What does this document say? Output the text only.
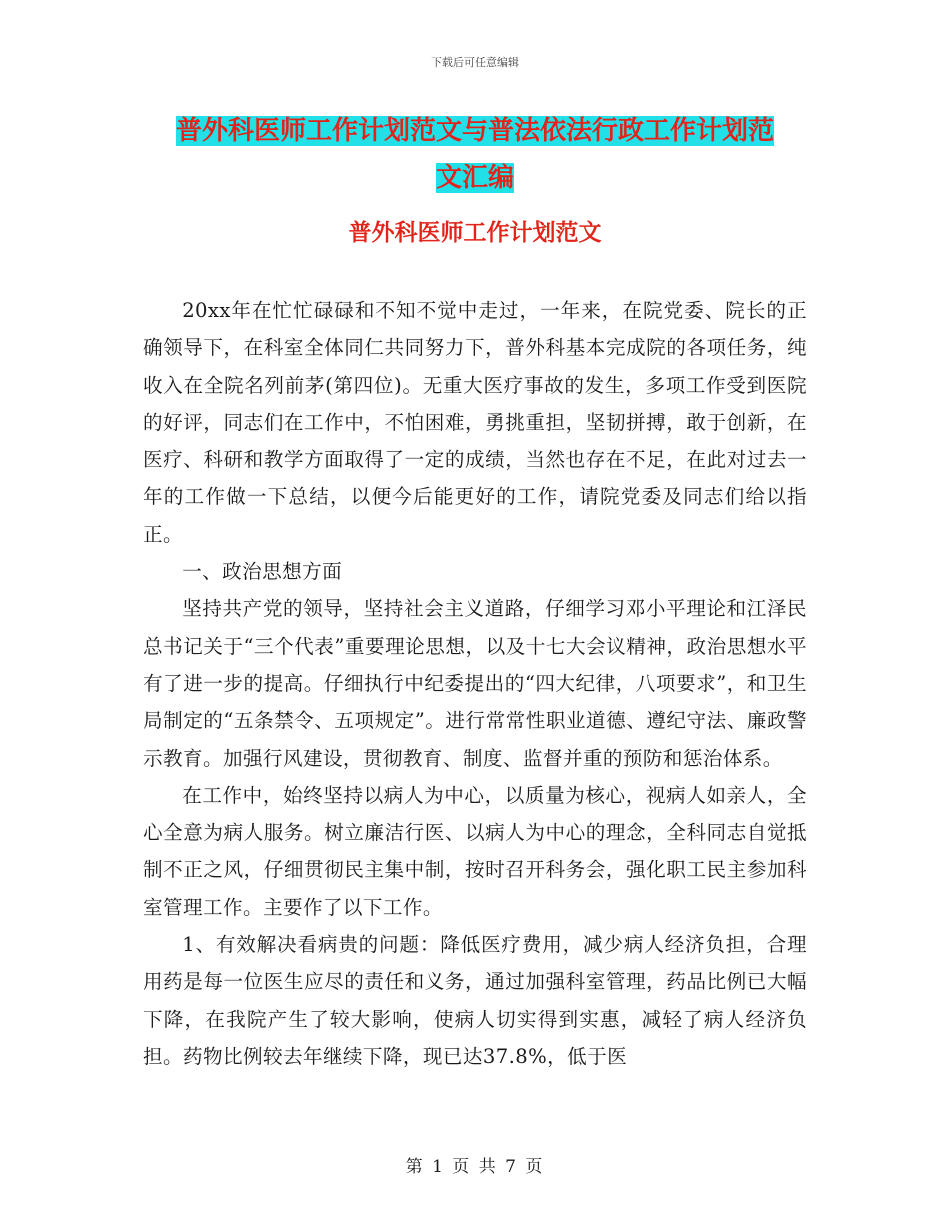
下载后可任意编辑
普外科医师工作计划范文与普法依法行政工作计划范
文汇编
普外科医师工作计划范文

20xx年在忙忙碌碌和不知不觉中走过，一年来，在院党委、院长的正确领导下，在科室全体同仁共同努力下，普外科基本完成院的各项任务，纯收入在全院名列前茅(第四位)。无重大医疗事故的发生，多项工作受到医院的好评，同志们在工作中，不怕困难，勇挑重担，坚韧拼搏，敢于创新，在医疗、科研和教学方面取得了一定的成绩，当然也存在不足，在此对过去一年的工作做一下总结，以便今后能更好的工作，请院党委及同志们给以指正。

一、政治思想方面

坚持共产党的领导，坚持社会主义道路，仔细学习邓小平理论和江泽民总书记关于“三个代表”重要理论思想，以及十七大会议精神，政治思想水平有了进一步的提高。仔细执行中纪委提出的“四大纪律，八项要求”，和卫生局制定的“五条禁令、五项规定”。进行常常性职业道德、遵纪守法、廉政警示教育。加强行风建设，贯彻教育、制度、监督并重的预防和惩治体系。

在工作中，始终坚持以病人为中心，以质量为核心，视病人如亲人，全心全意为病人服务。树立廉洁行医、以病人为中心的理念，全科同志自觉抵制不正之风，仔细贯彻民主集中制，按时召开科务会，强化职工民主参加科室管理工作。主要作了以下工作。

1、有效解决看病贵的问题：降低医疗费用，减少病人经济负担，合理用药是每一位医生应尽的责任和义务，通过加强科室管理，药品比例已大幅下降，在我院产生了较大影响，使病人切实得到实惠，减轻了病人经济负担。药物比例较去年继续下降，现已达37.8%，低于医

第 1 页 共 7 页
